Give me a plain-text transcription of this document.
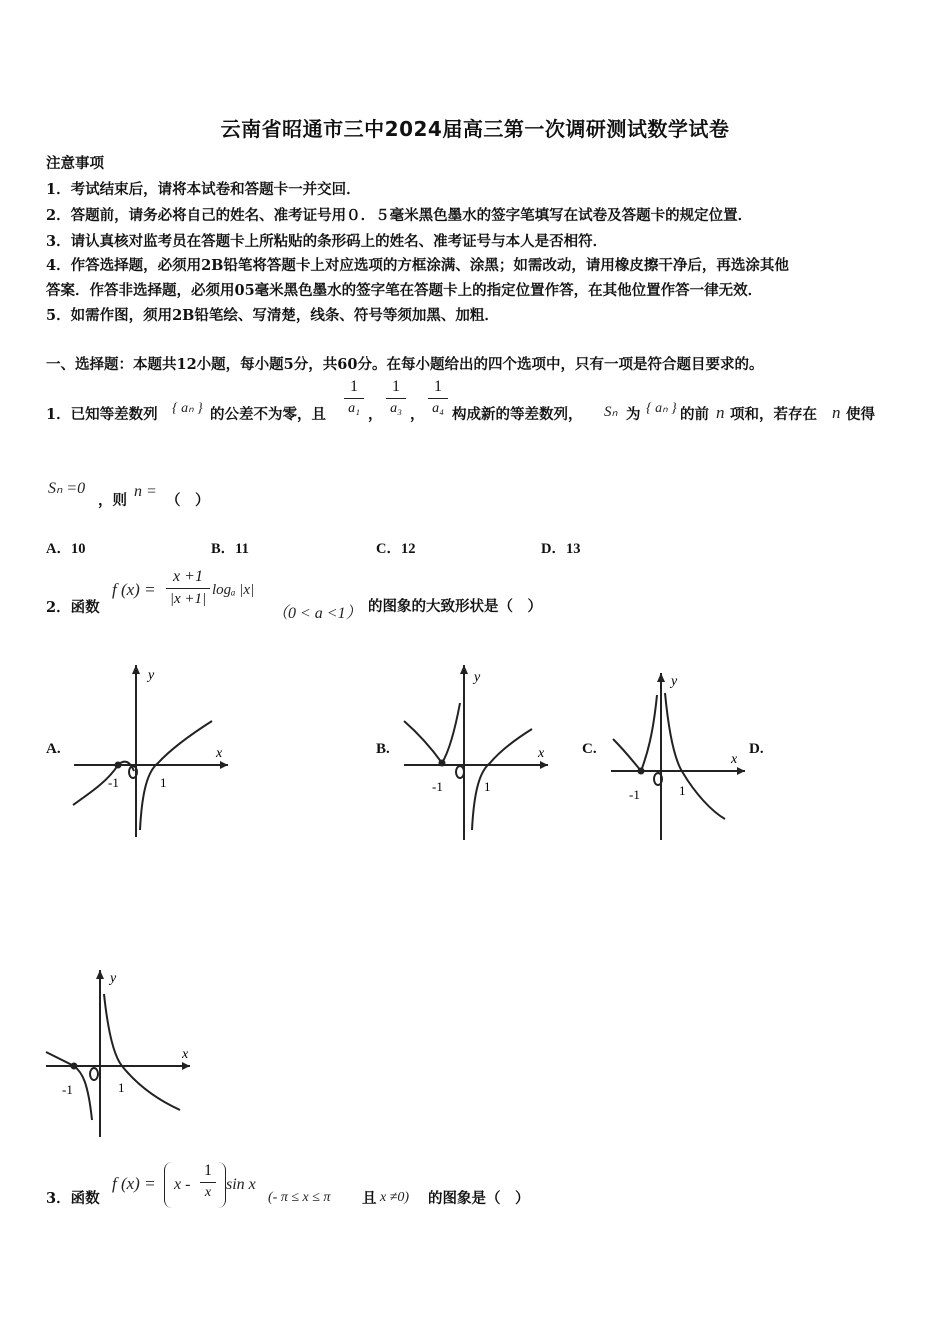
云南省昭通市三中2024届高三第一次调研测试数学试卷
注意事项
1．考试结束后，请将本试卷和答题卡一并交回．
2．答题前，请务必将自己的姓名、准考证号用０．５毫米黑色墨水的签字笔填写在试卷及答题卡的规定位置．
3．请认真核对监考员在答题卡上所粘贴的条形码上的姓名、准考证号与本人是否相符．
4．作答选择题，必须用2B铅笔将答题卡上对应选项的方框涂满、涂黑；如需改动，请用橡皮擦干净后，再选涂其他
答案．作答非选择题，必须用05毫米黑色墨水的签字笔在答题卡上的指定位置作答，在其他位置作答一律无效．
5．如需作图，须用2B铅笔绘、写清楚，线条、符号等须加黑、加粗．
一、选择题：本题共12小题，每小题5分，共60分。在每小题给出的四个选项中，只有一项是符合题目要求的。
1．已知等差数列 { aₙ } 的公差不为零，且
1
a₁ ，
1
a₃ ，
1
a₄ 构成新的等差数列， Sₙ 为 { aₙ } 的前 n 项和，若存在 n 使得
Sₙ =0
，则
n =
（　）
A．10	B．11	C．12	D．13
2．函数
f (x) =
x +1
|x +1|
logₐ |x|
（0 < a <1） 的图象的大致形状是（　）
A.	B.	C.	D.
y
x
-1	1
y
x
-1	1
y
x
-1	1
y
x
-1	1
3．函数
f (x) = x -
1
x sin x
(- π ≤ x ≤ π 且 x ≠0) 的图象是（　）
